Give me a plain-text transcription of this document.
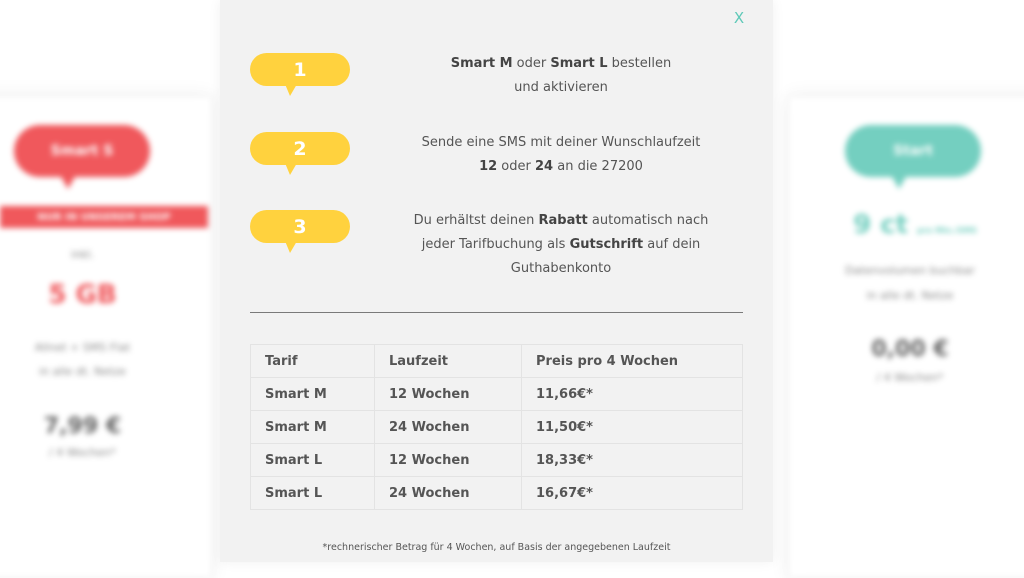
Smart S
NUR IN UNSEREM SHOP
inkl.
5 GB
Allnet + SMS Flat
in alle dt. Netze
7,99 €
/ 4 Wochen*
Start
9 ct pro Min./SMS
Datenvolumen buchbar
in alle dt. Netze
0,00 €
/ 4 Wochen*
X
1	Smart M oder Smart L bestellen
und aktivieren
2	Sende eine SMS mit deiner Wunschlaufzeit
12 oder 24 an die 27200
3	Du erhältst deinen Rabatt automatisch nach
jeder Tarifbuchung als Gutschrift auf dein
Guthabenkonto
Tarif	Laufzeit	Preis pro 4 Wochen
Smart M	12 Wochen	11,66€*
Smart M	24 Wochen	11,50€*
Smart L	12 Wochen	18,33€*
Smart L	24 Wochen	16,67€*
*rechnerischer Betrag für 4 Wochen, auf Basis der angegebenen Laufzeit
